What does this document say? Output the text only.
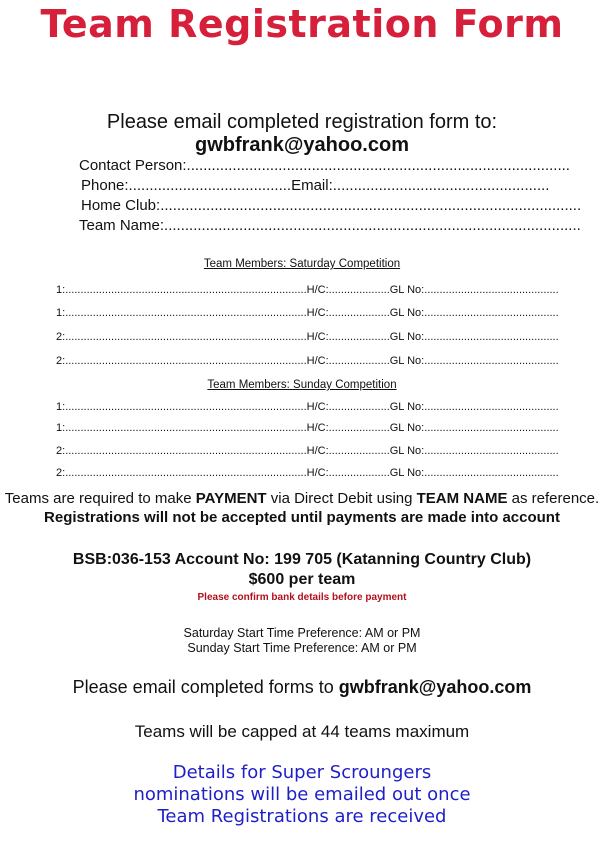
Team Registration Form
Please email completed registration form to: gwbfrank@yahoo.com
Contact Person:............................................................................................
Phone:.......................................Email:....................................................
Home Club:.....................................................................................................
Team Name:....................................................................................................
Team Members: Saturday Competition
1:...............................................................................H/C:....................GL No:............................................
1:...............................................................................H/C:....................GL No:............................................
2:...............................................................................H/C:....................GL No:............................................
2:...............................................................................H/C:....................GL No:............................................
Team Members: Sunday Competition
1:...............................................................................H/C:....................GL No:............................................
1:...............................................................................H/C:....................GL No:............................................
2:...............................................................................H/C:....................GL No:............................................
2:...............................................................................H/C:....................GL No:............................................
Teams are required to make PAYMENT via Direct Debit using TEAM NAME as reference.
Registrations will not be accepted until payments are made into account
BSB:036-153 Account No: 199 705 (Katanning Country Club)
$600 per team
Please confirm bank details before payment
Saturday Start Time Preference: AM or PM
Sunday Start Time Preference: AM or PM
Please email completed forms to gwbfrank@yahoo.com
Teams will be capped at 44 teams maximum
Details for Super Scroungers
nominations will be emailed out once
Team Registrations are received
